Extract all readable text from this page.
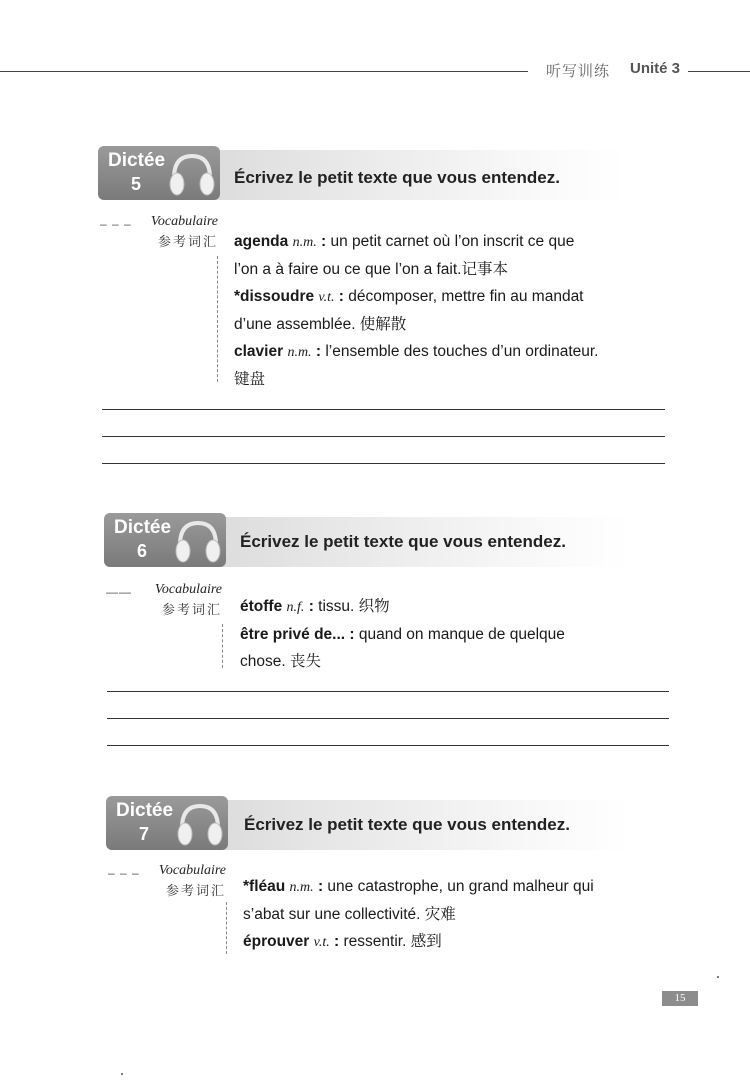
听写训练 Unité 3
Dictée
5	Écrivez le petit texte que vous entendez.
– – –	Vocabulaire
参考词汇 agenda n.m. : un petit carnet où l’on inscrit ce que
l’on a à faire ou ce que l’on a fait.记事本
*dissoudre v.t. : décomposer, mettre fin au mandat
d’une assemblée. 使解散
clavier n.m. : l’ensemble des touches d’un ordinateur.
键盘
Dictée
6	Écrivez le petit texte que vous entendez.
——	Vocabulaire
参考词汇 étoffe n.f. : tissu. 织物
être privé de... : quand on manque de quelque
chose. 丧失
Dictée
7	Écrivez le petit texte que vous entendez.
– – –	Vocabulaire
参考词汇 *fléau n.m. : une catastrophe, un grand malheur qui
s’abat sur une collectivité. 灾难
éprouver v.t. : ressentir. 感到
15
